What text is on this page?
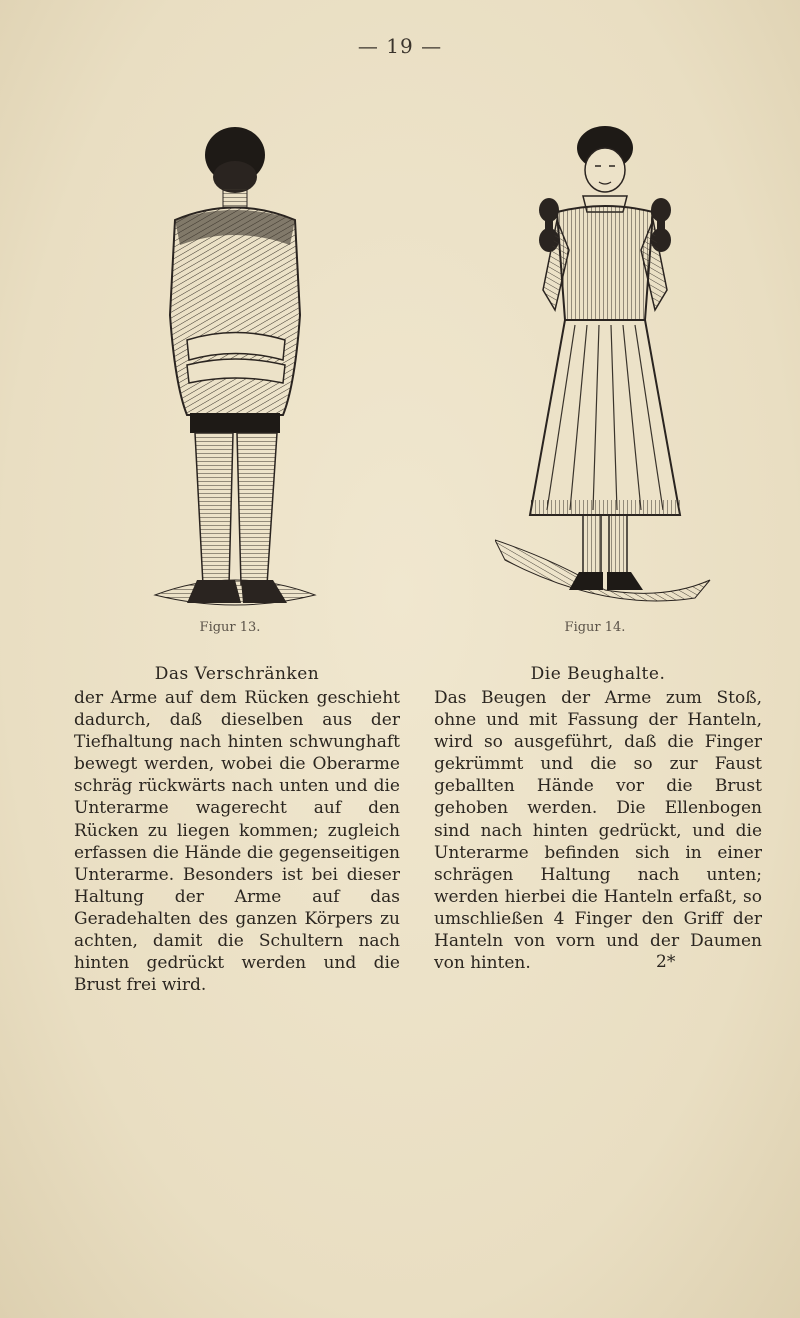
— 19 —
Figur 13.	Figur 14.
Das Verschränken

der Arme auf dem Rücken geschieht dadurch, daß dieselben aus der Tiefhaltung nach hinten schwunghaft bewegt werden, wobei die Oberarme schräg rückwärts nach unten und die Unterarme wagerecht auf den Rücken zu liegen kommen; zugleich erfassen die Hände die gegenseitigen Unterarme. Besonders ist bei dieser Haltung der Arme auf das Geradehalten des ganzen Körpers zu achten, damit die Schultern nach hinten gedrückt werden und die Brust frei wird.

Die Beughalte.

Das Beugen der Arme zum Stoß, ohne und mit Fassung der Hanteln, wird so ausgeführt, daß die Finger gekrümmt und die so zur Faust geballten Hände vor die Brust gehoben werden. Die Ellenbogen sind nach hinten gedrückt, und die Unterarme befinden sich in einer schrägen Haltung nach unten; werden hierbei die Hanteln erfaßt, so umschließen 4 Finger den Griff der Hanteln von vorn und der Daumen von hinten.	2*
